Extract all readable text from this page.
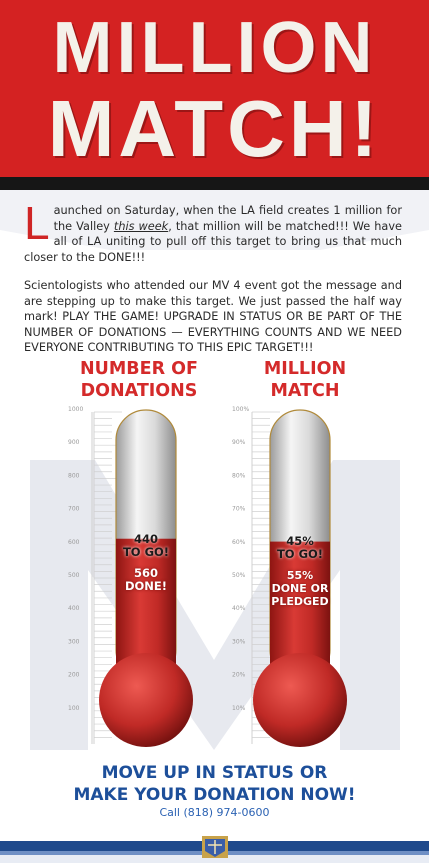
MILLION
MATCH!

L aunched on Saturday, when the LA field creates 1 million for the Valley this week, that million will be matched!!! We have all of LA uniting to pull off this target to bring us that much closer to the DONE!!!

Scientologists who attended our MV 4 event got the message and are stepping up to make this target. We just passed the half way mark! PLAY THE GAME! UPGRADE IN STATUS OR BE PART OF THE NUMBER OF DONATIONS — EVERYTHING COUNTS AND WE NEED EVERYONE CONTRIBUTING TO THIS EPIC TARGET!!!

NUMBER OF
DONATIONS
MILLION
MATCH
1000
900
800
700
600
500
400
300
200
100
440
TO GO!
560
DONE!
100%
90%
80%
70%
60%
50%
40%
30%
20%
10%
45%
TO GO!
55%
DONE OR
PLEDGED
MOVE UP IN STATUS OR
MAKE YOUR DONATION NOW!
Call (818) 974-0600
